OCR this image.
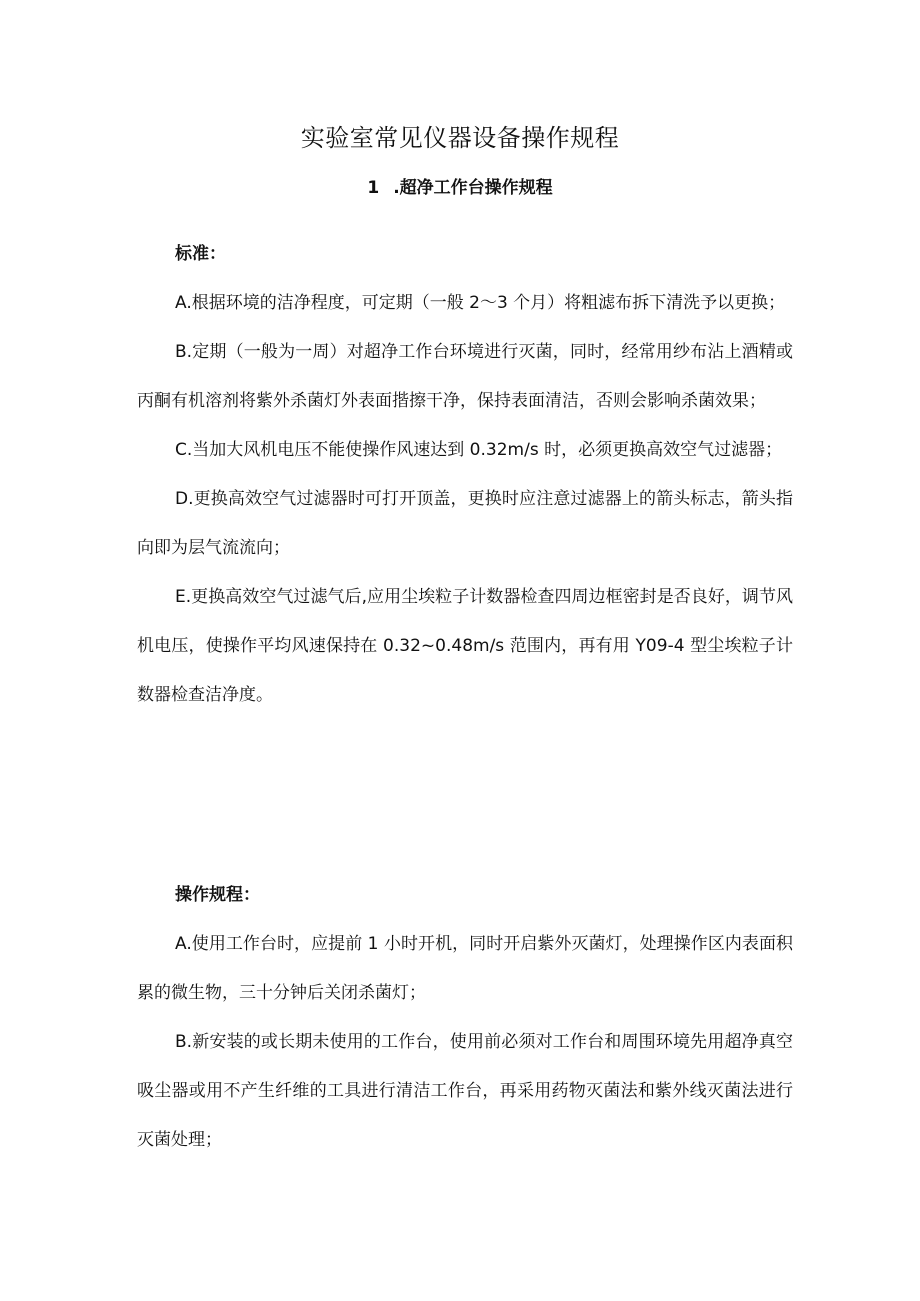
实验室常见仪器设备操作规程
1 .超净工作台操作规程
标准：
A.根据环境的洁净程度，可定期（一般 2～3 个月）将粗滤布拆下清洗予以更换；
B.定期（一般为一周）对超净工作台环境进行灭菌，同时，经常用纱布沾上酒精或丙酮有机溶剂将紫外杀菌灯外表面揩擦干净，保持表面清洁，否则会影响杀菌效果；
C.当加大风机电压不能使操作风速达到 0.32m∕s 时，必须更换高效空气过滤器；
D.更换高效空气过滤器时可打开顶盖，更换时应注意过滤器上的箭头标志，箭头指向即为层气流流向；
E.更换高效空气过滤气后,应用尘埃粒子计数器检查四周边框密封是否良好，调节风机电压，使操作平均风速保持在 0.32~0.48m∕s 范围内，再有用 Y09-4 型尘埃粒子计数器检查洁净度。
操作规程：
A.使用工作台时，应提前 1 小时开机，同时开启紫外灭菌灯，处理操作区内表面积累的微生物，三十分钟后关闭杀菌灯；
B.新安装的或长期未使用的工作台，使用前必须对工作台和周围环境先用超净真空吸尘器或用不产生纤维的工具进行清洁工作台，再采用药物灭菌法和紫外线灭菌法进行灭菌处理；
